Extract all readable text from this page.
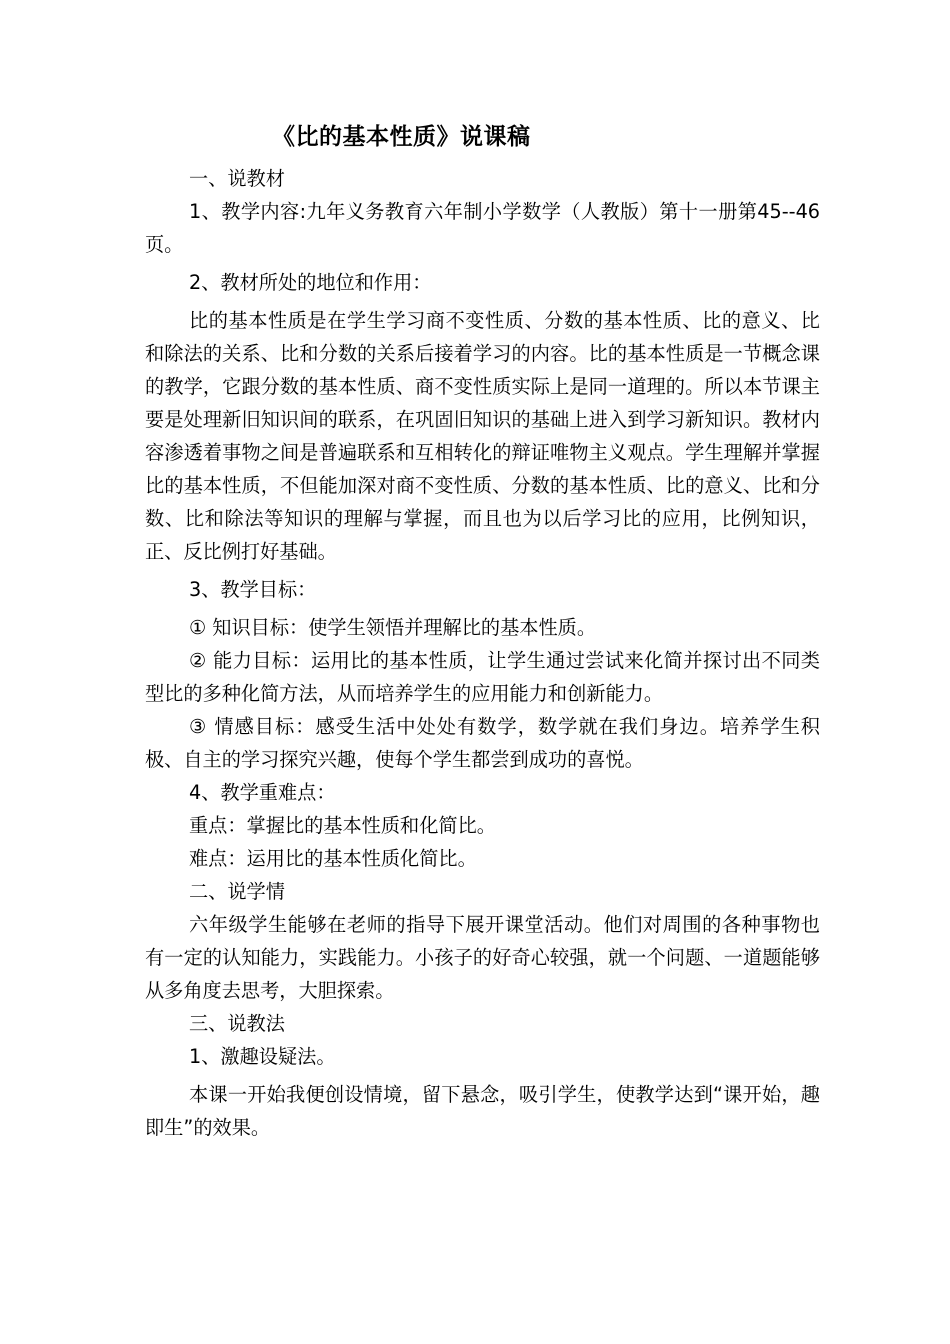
《比的基本性质》说课稿

一、说教材

1、教学内容:九年义务教育六年制小学数学（人教版）第十一册第45--46页。

2、教材所处的地位和作用：

比的基本性质是在学生学习商不变性质、分数的基本性质、比的意义、比和除法的关系、比和分数的关系后接着学习的内容。比的基本性质是一节概念课的教学，它跟分数的基本性质、商不变性质实际上是同一道理的。所以本节课主要是处理新旧知识间的联系，在巩固旧知识的基础上进入到学习新知识。教材内容渗透着事物之间是普遍联系和互相转化的辩证唯物主义观点。学生理解并掌握比的基本性质，不但能加深对商不变性质、分数的基本性质、比的意义、比和分数、比和除法等知识的理解与掌握，而且也为以后学习比的应用，比例知识，正、反比例打好基础。

3、教学目标：

① 知识目标：使学生领悟并理解比的基本性质。

② 能力目标：运用比的基本性质，让学生通过尝试来化简并探讨出不同类型比的多种化简方法，从而培养学生的应用能力和创新能力。

③ 情感目标：感受生活中处处有数学，数学就在我们身边。培养学生积极、自主的学习探究兴趣，使每个学生都尝到成功的喜悦。

4、教学重难点：

重点：掌握比的基本性质和化简比。

难点：运用比的基本性质化简比。

二、说学情

六年级学生能够在老师的指导下展开课堂活动。他们对周围的各种事物也有一定的认知能力，实践能力。小孩子的好奇心较强，就一个问题、一道题能够从多角度去思考，大胆探索。

三、说教法

1、激趣设疑法。

本课一开始我便创设情境，留下悬念，吸引学生，使教学达到“课开始，趣即生”的效果。
